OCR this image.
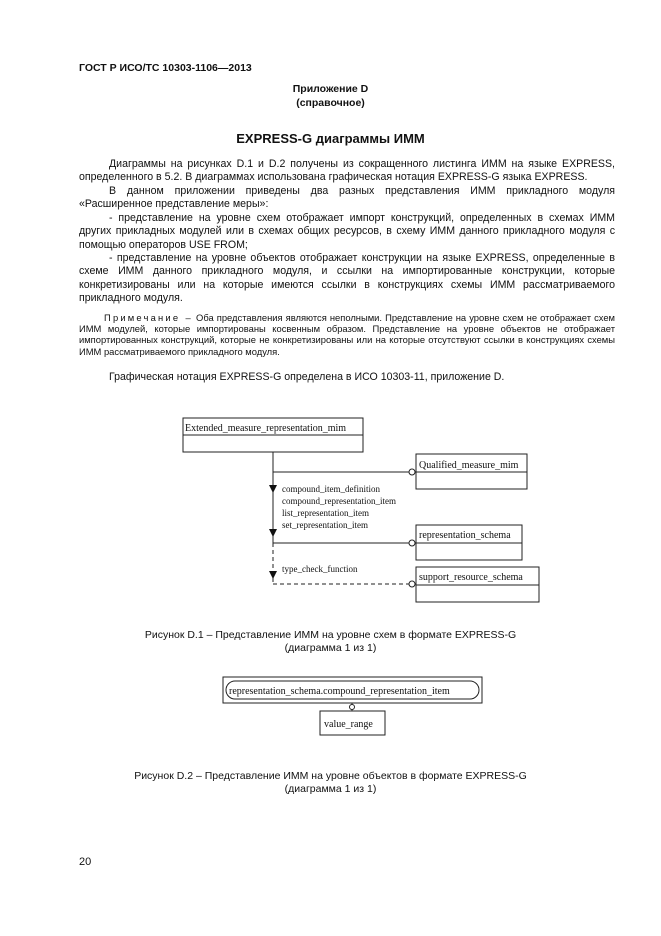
ГОСТ Р ИСО/ТС 10303-1106—2013
Приложение D
(справочное)
EXPRESS-G диаграммы ИММ
Диаграммы на рисунках D.1 и D.2 получены из сокращенного листинга ИММ на языке EXPRESS, определенного в 5.2. В диаграммах использована графическая нотация EXPRESS-G языка EXPRESS.
В данном приложении приведены два разных представления ИММ прикладного модуля «Расширенное представление меры»:
- представление на уровне схем отображает импорт конструкций, определенных в схемах ИММ других прикладных модулей или в схемах общих ресурсов, в схему ИММ данного прикладного модуля с помощью операторов USE FROM;
- представление на уровне объектов отображает конструкции на языке EXPRESS, определенные в схеме ИММ данного прикладного модуля, и ссылки на импортированные конструкции, которые конкретизированы или на которые имеются ссылки в конструкциях схемы ИММ рассматриваемого прикладного модуля.
Примечание – Оба представления являются неполными. Представление на уровне схем не отображает схем ИММ модулей, которые импортированы косвенным образом. Представление на уровне объектов не отображает импортированных конструкций, которые не конкретизированы или на которые отсутствуют ссылки в конструкциях схемы ИММ рассматриваемого прикладного модуля.
Графическая нотация EXPRESS-G определена в ИСО 10303-11, приложение D.
Extended_measure_representation_mim
Qualified_measure_mim
representation_schema
support_resource_schema
compound_item_definition
compound_representation_item
list_representation_item
set_representation_item
type_check_function
Рисунок D.1 – Представление ИММ на уровне схем в формате EXPRESS-G
(диаграмма 1 из 1)
representation_schema.compound_representation_item
value_range
Рисунок D.2 – Представление ИММ на уровне объектов в формате EXPRESS-G
(диаграмма 1 из 1)
20
